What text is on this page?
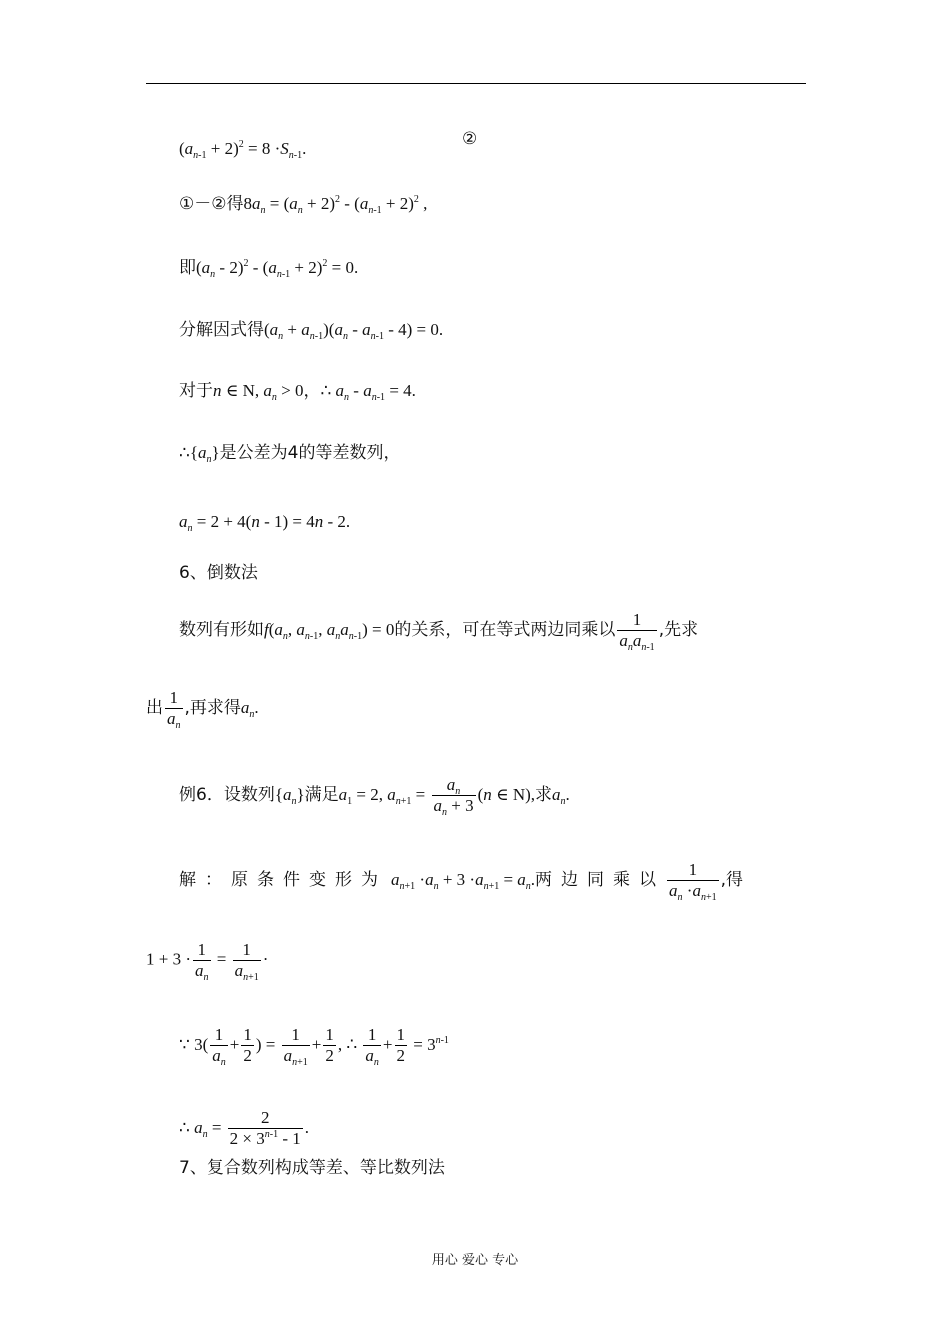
$(a_{n-1} + 2)^2 = 8 \cdot S_{n-1}$.	②
①－②得$8a_n = (a_n + 2)^2 - (a_{n-1} + 2)^2$ ,
即$(a_n - 2)^2 - (a_{n-1} + 2)^2 = 0$.
分解因式得$(a_n + a_{n-1})(a_n - a_{n-1} - 4) = 0$.
对于n ∈ N, $a_n > 0$，∴ $a_n - a_{n-1} = 4$.
$\therefore\{a_n\}$是公差为4的等差数列，
$a_n = 2 + 4(n - 1) = 4n - 2$.
6、倒数法
数列有形如$f(a_n$, $a_{n-1}$, $a_na_{n-1}) = 0$的关系，可在等式两边同乘以 $\frac{1}{a_na_{n-1}}$ ,先求
出 $\frac{1}{a_n}$ ,再求得$a_n$.
例6．设数列$\{a_n\}$满足$a_1 = 2$, $a_{n+1} = \frac{a_n}{a_n + 3} (n$ ∈ N),求$a_n$.
解：原条件变形为 $a_{n+1} \cdot a_n + 3 \cdot a_{n+1} = a_n$.两边同乘以 $\frac{1}{a_n \cdot a_{n+1}}$ ,得
$1 + 3 \cdot \frac{1}{a_n} = \frac{1}{a_{n+1}}$ ·
∵ $3( \frac{1}{a_n} + \frac{1}{2}$ ) = $\frac{1}{a_{n+1}} + \frac{1}{2}$ , ∴ $\frac{1}{a_n} + \frac{1}{2} = 3^{n-1}$
∴ $a_n = \frac{2}{2 \times 3^{n-1} - 1}$ .
7、复合数列构成等差、等比数列法
用心 爱心 专心
